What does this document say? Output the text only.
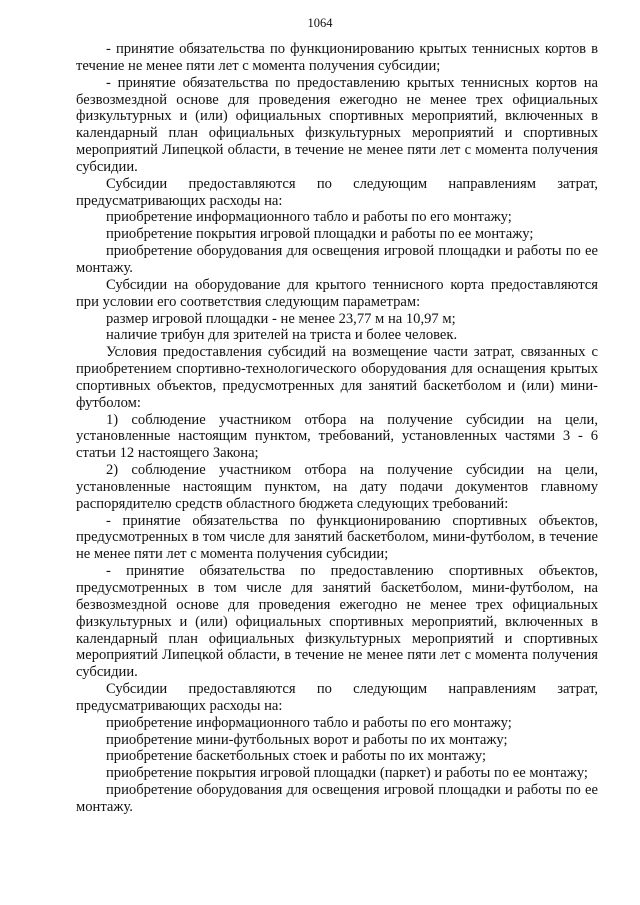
1064

- принятие обязательства по функционированию крытых теннисных кортов в течение не менее пяти лет с момента получения субсидии;

- принятие обязательства по предоставлению крытых теннисных кортов на безвозмездной основе для проведения ежегодно не менее трех официальных физкультурных и (или) официальных спортивных мероприятий, включенных в календарный план официальных физкультурных мероприятий и спортивных мероприятий Липецкой области, в течение не менее пяти лет с момента получения субсидии.

Субсидии предоставляются по следующим направлениям затрат, предусматривающих расходы на:

приобретение информационного табло и работы по его монтажу;

приобретение покрытия игровой площадки и работы по ее монтажу;

приобретение оборудования для освещения игровой площадки и работы по ее монтажу.

Субсидии на оборудование для крытого теннисного корта предоставляются при условии его соответствия следующим параметрам:

размер игровой площадки - не менее 23,77 м на 10,97 м;

наличие трибун для зрителей на триста и более человек.

Условия предоставления субсидий на возмещение части затрат, связанных с приобретением спортивно-технологического оборудования для оснащения крытых спортивных объектов, предусмотренных для занятий баскетболом и (или) мини-футболом:

1) соблюдение участником отбора на получение субсидии на цели, установленные настоящим пунктом, требований, установленных частями 3 - 6 статьи 12 настоящего Закона;

2) соблюдение участником отбора на получение субсидии на цели, установленные настоящим пунктом, на дату подачи документов главному распорядителю средств областного бюджета следующих требований:

- принятие обязательства по функционированию спортивных объектов, предусмотренных в том числе для занятий баскетболом, мини-футболом, в течение не менее пяти лет с момента получения субсидии;

- принятие обязательства по предоставлению спортивных объектов, предусмотренных в том числе для занятий баскетболом, мини-футболом, на безвозмездной основе для проведения ежегодно не менее трех официальных физкультурных и (или) официальных спортивных мероприятий, включенных в календарный план официальных физкультурных мероприятий и спортивных мероприятий Липецкой области, в течение не менее пяти лет с момента получения субсидии.

Субсидии предоставляются по следующим направлениям затрат, предусматривающих расходы на:

приобретение информационного табло и работы по его монтажу;

приобретение мини-футбольных ворот и работы по их монтажу;

приобретение баскетбольных стоек и работы по их монтажу;

приобретение покрытия игровой площадки (паркет) и работы по ее монтажу;

приобретение оборудования для освещения игровой площадки и работы по ее монтажу.
